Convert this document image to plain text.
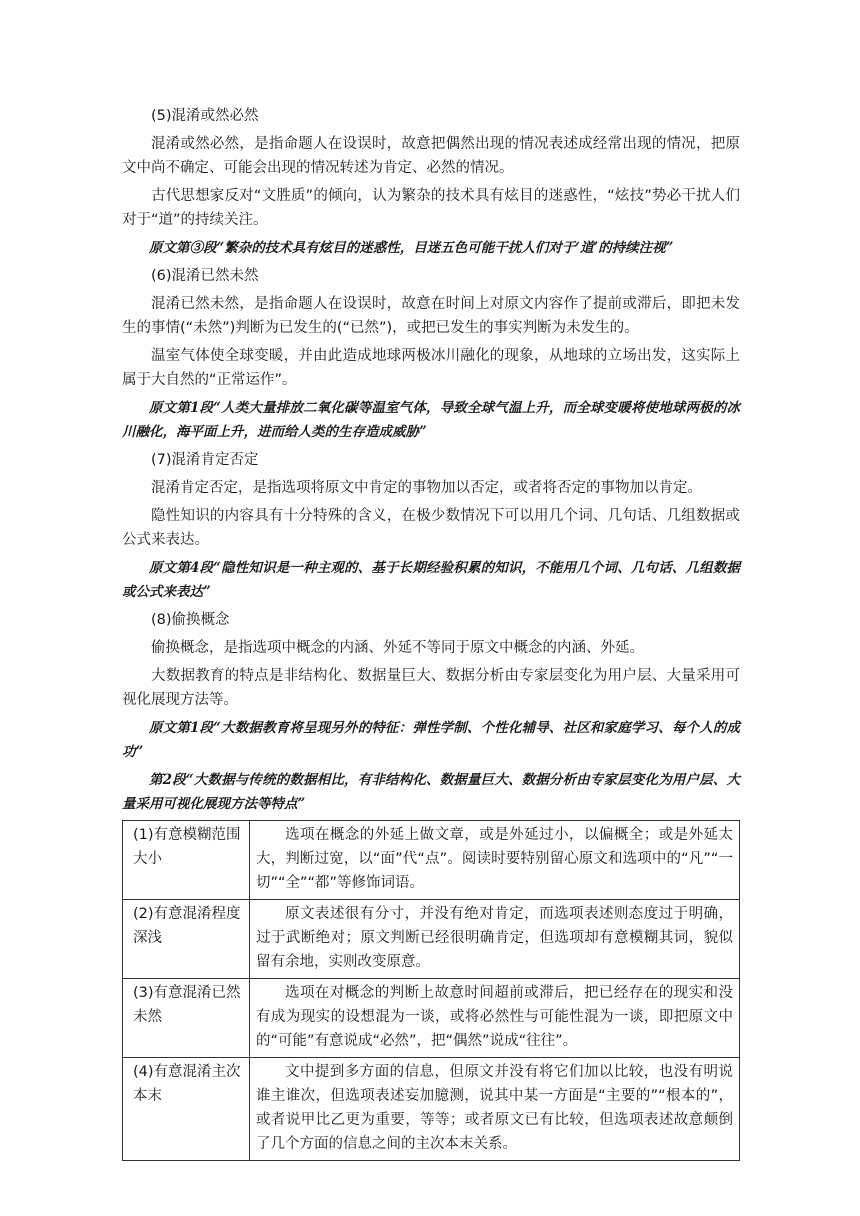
(5)混淆或然必然

混淆或然必然，是指命题人在设误时，故意把偶然出现的情况表述成经常出现的情况，把原文中尚不确定、可能会出现的情况转述为肯定、必然的情况。

古代思想家反对“文胜质”的倾向，认为繁杂的技术具有炫目的迷惑性，“炫技”势必干扰人们对于“道”的持续关注。

原文第③段“繁杂的技术具有炫目的迷惑性，目迷五色可能干扰人们对于‘道’的持续注视”

(6)混淆已然未然

混淆已然未然，是指命题人在设误时，故意在时间上对原文内容作了提前或滞后，即把未发生的事情(“未然”)判断为已发生的(“已然”)，或把已发生的事实判断为未发生的。

温室气体使全球变暖，并由此造成地球两极冰川融化的现象，从地球的立场出发，这实际上属于大自然的“正常运作”。

原文第1段“人类大量排放二氧化碳等温室气体，导致全球气温上升，而全球变暖将使地球两极的冰川融化，海平面上升，进而给人类的生存造成威胁”

(7)混淆肯定否定

混淆肯定否定，是指选项将原文中肯定的事物加以否定，或者将否定的事物加以肯定。

隐性知识的内容具有十分特殊的含义，在极少数情况下可以用几个词、几句话、几组数据或公式来表达。

原文第4段“隐性知识是一种主观的、基于长期经验积累的知识，不能用几个词、几句话、几组数据或公式来表达”

(8)偷换概念

偷换概念，是指选项中概念的内涵、外延不等同于原文中概念的内涵、外延。

大数据教育的特点是非结构化、数据量巨大、数据分析由专家层变化为用户层、大量采用可视化展现方法等。

原文第1段“大数据教育将呈现另外的特征：弹性学制、个性化辅导、社区和家庭学习、每个人的成功”

第2段“大数据与传统的数据相比，有非结构化、数据量巨大、数据分析由专家层变化为用户层、大量采用可视化展现方法等特点”

(1)有意模糊范围大小	选项在概念的外延上做文章，或是外延过小，以偏概全；或是外延太大，判断过宽，以“面”代“点”。阅读时要特别留心原文和选项中的“凡”“一切”“全”“都”等修饰词语。
(2)有意混淆程度深浅	原文表述很有分寸，并没有绝对肯定，而选项表述则态度过于明确，过于武断绝对；原文判断已经很明确肯定，但选项却有意模糊其词，貌似留有余地，实则改变原意。
(3)有意混淆已然未然	选项在对概念的判断上故意时间超前或滞后，把已经存在的现实和没有成为现实的设想混为一谈，或将必然性与可能性混为一谈，即把原文中的“可能”有意说成“必然”，把“偶然”说成“往往”。
(4)有意混淆主次本末	文中提到多方面的信息，但原文并没有将它们加以比较，也没有明说谁主谁次，但选项表述妄加臆测，说其中某一方面是“主要的”“根本的”，或者说甲比乙更为重要，等等；或者原文已有比较，但选项表述故意颠倒了几个方面的信息之间的主次本末关系。
